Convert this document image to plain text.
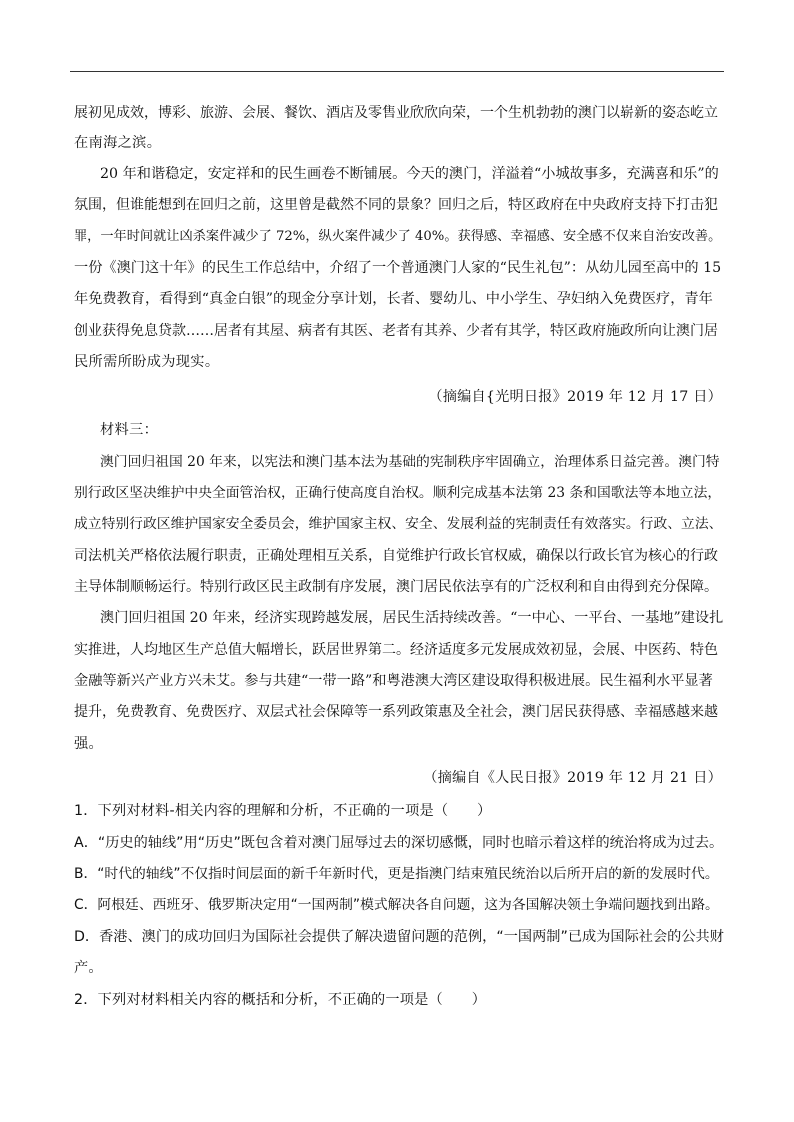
展初见成效，博彩、旅游、会展、餐饮、酒店及零售业欣欣向荣，一个生机勃勃的澳门以崭新的姿态屹立
在南海之滨。
20 年和谐稳定，安定祥和的民生画卷不断铺展。今天的澳门，洋溢着“小城故事多，充满喜和乐”的
氛围，但谁能想到在回归之前，这里曾是截然不同的景象？回归之后，特区政府在中央政府支持下打击犯
罪，一年时间就让凶杀案件减少了 72%，纵火案件减少了 40%。获得感、幸福感、安全感不仅来自治安改善。
一份《澳门这十年》的民生工作总结中，介绍了一个普通澳门人家的“民生礼包”：从幼儿园至高中的 15
年免费教育，看得到“真金白银”的现金分享计划，长者、婴幼儿、中小学生、孕妇纳入免费医疗，青年
创业获得免息贷款……居者有其屋、病者有其医、老者有其养、少者有其学，特区政府施政所向让澳门居
民所需所盼成为现实。
（摘编自{光明日报》2019 年 12 月 17 日）
材料三：
澳门回归祖国 20 年来，以宪法和澳门基本法为基础的宪制秩序牢固确立，治理体系日益完善。澳门特
别行政区坚决维护中央全面管治权，正确行使高度自治权。顺利完成基本法第 23 条和国歌法等本地立法，
成立特别行政区维护国家安全委员会，维护国家主权、安全、发展利益的宪制责任有效落实。行政、立法、
司法机关严格依法履行职责，正确处理相互关系，自觉维护行政长官权威，确保以行政长官为核心的行政
主导体制顺畅运行。特别行政区民主政制有序发展，澳门居民依法享有的广泛权利和自由得到充分保障。
澳门回归祖国 20 年来，经济实现跨越发展，居民生活持续改善。“一中心、一平台、一基地”建设扎
实推进，人均地区生产总值大幅增长，跃居世界第二。经济适度多元发展成效初显，会展、中医药、特色
金融等新兴产业方兴未艾。参与共建“一带一路”和粤港澳大湾区建设取得积极进展。民生福利水平显著
提升，免费教育、免费医疗、双层式社会保障等一系列政策惠及全社会，澳门居民获得感、幸福感越来越
强。
（摘编自《人民日报》2019 年 12 月 21 日）
1．下列对材料-相关内容的理解和分析，不正确的一项是（　　）
A．“历史的轴线”用“历史”既包含着对澳门屈辱过去的深切感慨，同时也暗示着这样的统治将成为过去。
B．“时代的轴线”不仅指时间层面的新千年新时代，更是指澳门结束殖民统治以后所开启的新的发展时代。
C．阿根廷、西班牙、俄罗斯决定用“一国两制”模式解决各自问题，这为各国解决领土争端问题找到出路。
D．香港、澳门的成功回归为国际社会提供了解决遗留问题的范例，“一国两制”已成为国际社会的公共财
产。
2．下列对材料相关内容的概括和分析，不正确的一项是（　　）
